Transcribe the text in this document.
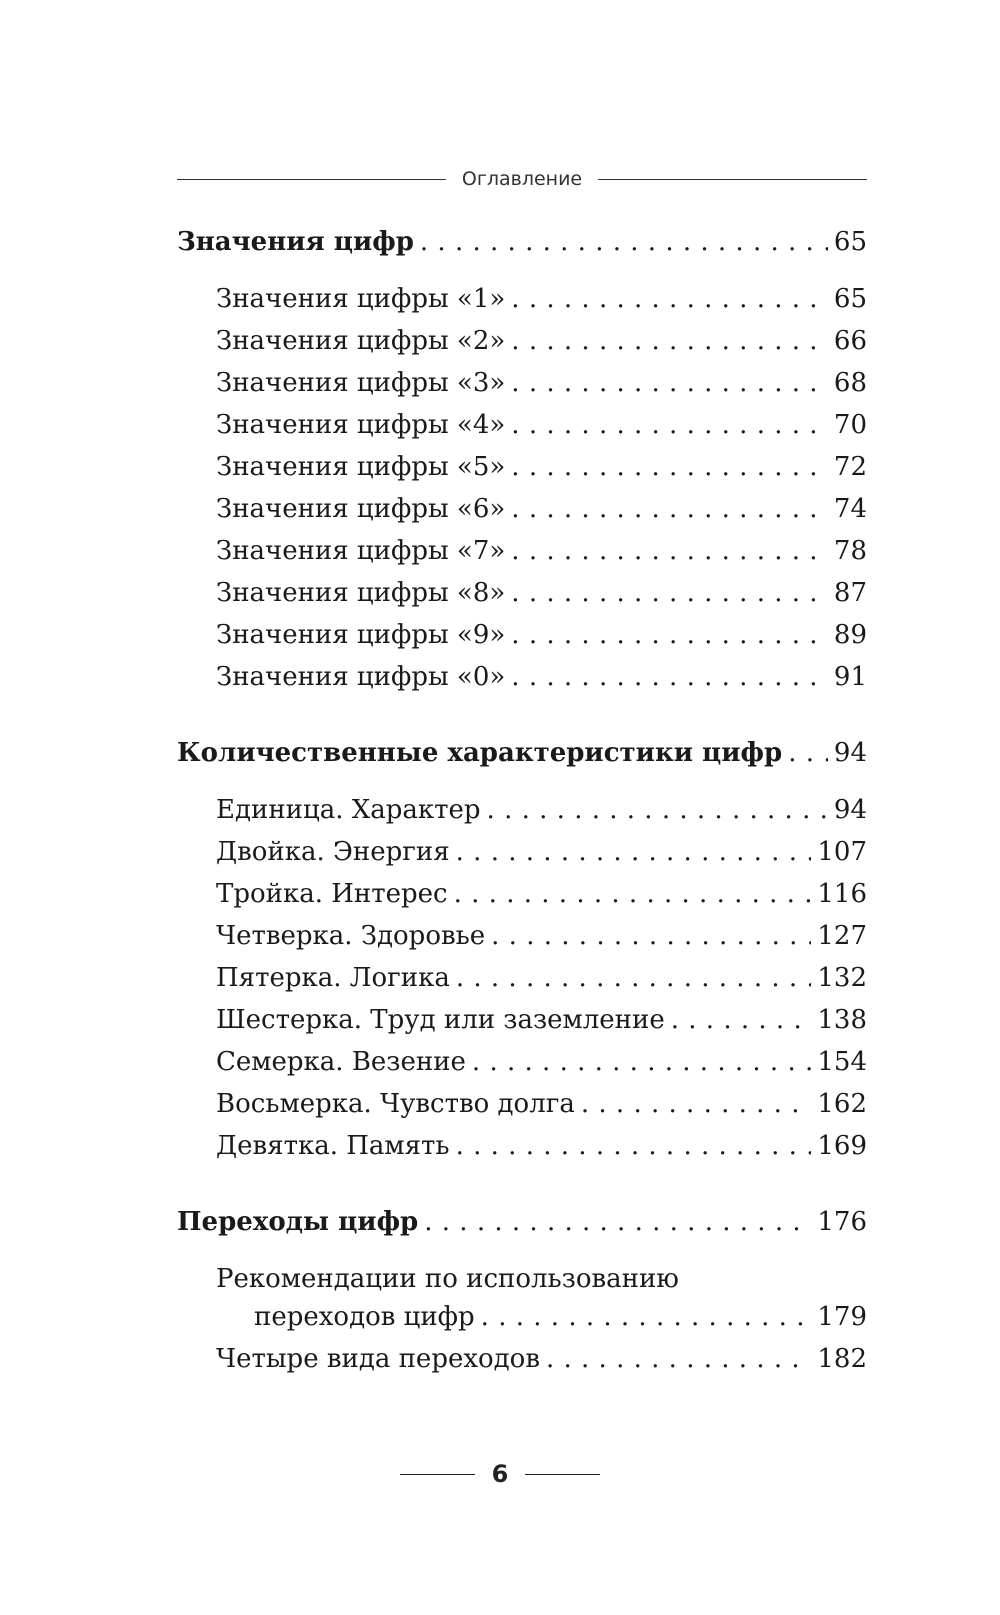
Оглавление
Значения цифр . . .	65
Значения цифры «1» . . .	65
Значения цифры «2» . . .	66
Значения цифры «3» . . .	68
Значения цифры «4» . . .	70
Значения цифры «5» . . .	72
Значения цифры «6» . . .	74
Значения цифры «7» . . .	78
Значения цифры «8» . . .	87
Значения цифры «9» . . .	89
Значения цифры «0» . . .	91
Количественные характеристики цифр . . . 94
Единица. Характер . . .	94
Двойка. Энергия . . .	107
Тройка. Интерес . . .	116
Четверка. Здоровье . . .	127
Пятерка. Логика . . .	132
Шестерка. Труд или заземление . . .	138
Семерка. Везение . . .	154
Восьмерка. Чувство долга . . .	162
Девятка. Память . . .	169
Переходы цифр . . .	176
Рекомендации по использованию
переходов цифр . . .	179
Четыре вида переходов . . .	182
6
